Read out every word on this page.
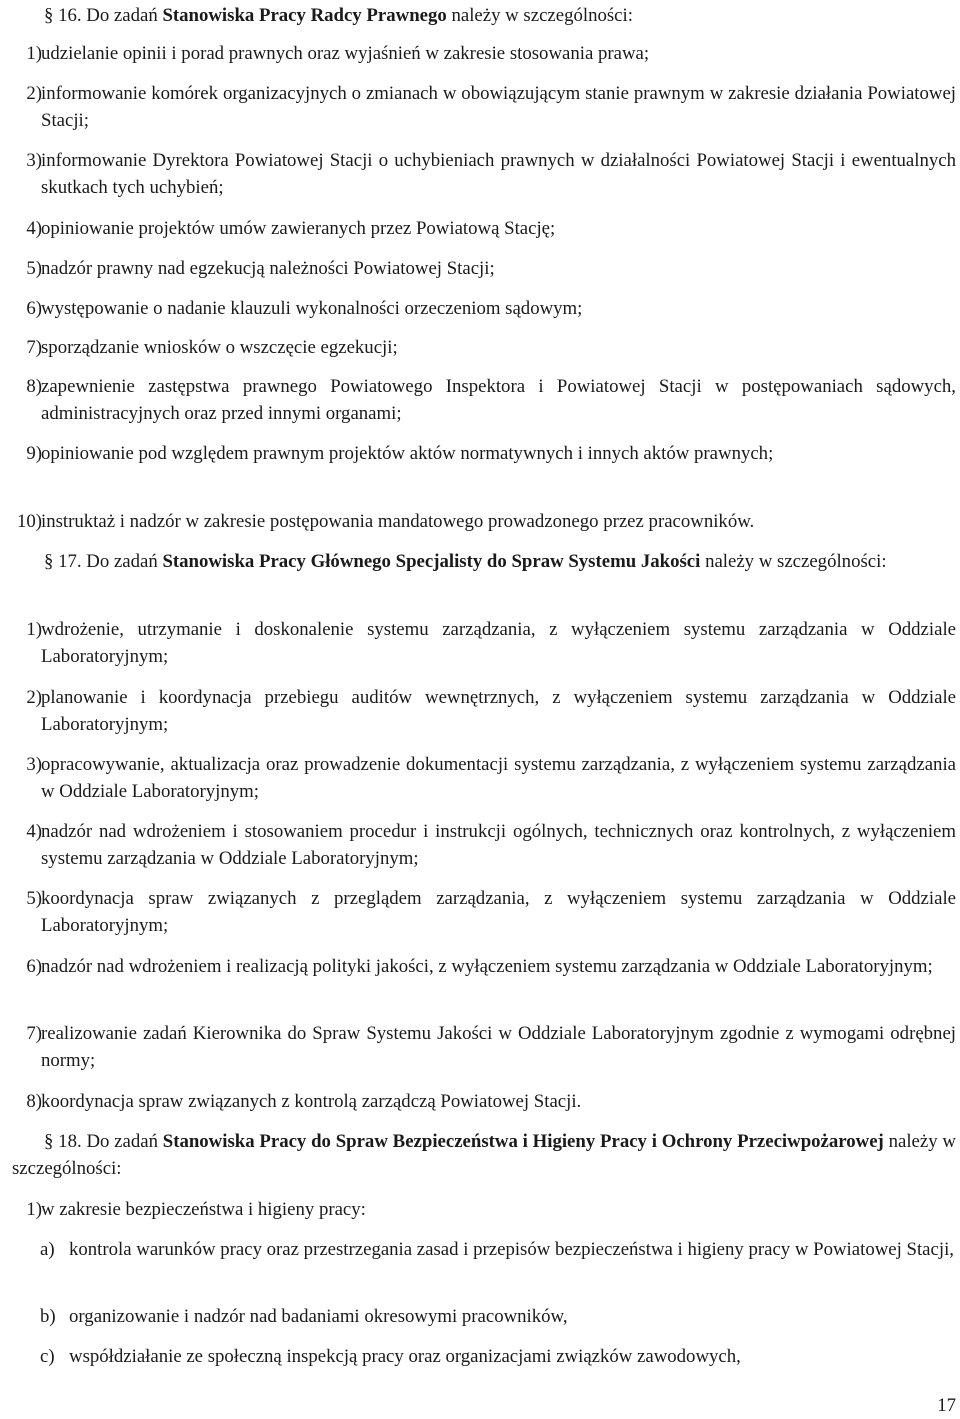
§ 16. Do zadań Stanowiska Pracy Radcy Prawnego należy w szczególności:
1) udzielanie opinii i porad prawnych oraz wyjaśnień w zakresie stosowania prawa;
2) informowanie komórek organizacyjnych o zmianach w obowiązującym stanie prawnym w zakresie działania Powiatowej Stacji;
3) informowanie Dyrektora Powiatowej Stacji o uchybieniach prawnych w działalności Powiatowej Stacji i ewentualnych skutkach tych uchybień;
4) opiniowanie projektów umów zawieranych przez Powiatową Stację;
5) nadzór prawny nad egzekucją należności Powiatowej Stacji;
6) występowanie o nadanie klauzuli wykonalności orzeczeniom sądowym;
7) sporządzanie wniosków o wszczęcie egzekucji;
8) zapewnienie zastępstwa prawnego Powiatowego Inspektora i Powiatowej Stacji w postępowaniach sądowych, administracyjnych oraz przed innymi organami;
9) opiniowanie pod względem prawnym projektów aktów normatywnych i innych aktów prawnych;
10) instruktaż i nadzór w zakresie postępowania mandatowego prowadzonego przez pracowników.
§ 17. Do zadań Stanowiska Pracy Głównego Specjalisty do Spraw Systemu Jakości należy w szczególności:
1) wdrożenie, utrzymanie i doskonalenie systemu zarządzania, z wyłączeniem systemu zarządzania w Oddziale Laboratoryjnym;
2) planowanie i koordynacja przebiegu auditów wewnętrznych, z wyłączeniem systemu zarządzania w Oddziale Laboratoryjnym;
3) opracowywanie, aktualizacja oraz prowadzenie dokumentacji systemu zarządzania, z wyłączeniem systemu zarządzania w Oddziale Laboratoryjnym;
4) nadzór nad wdrożeniem i stosowaniem procedur i instrukcji ogólnych, technicznych oraz kontrolnych, z wyłączeniem systemu zarządzania w Oddziale Laboratoryjnym;
5) koordynacja spraw związanych z przeglądem zarządzania, z wyłączeniem systemu zarządzania w Oddziale Laboratoryjnym;
6) nadzór nad wdrożeniem i realizacją polityki jakości, z wyłączeniem systemu zarządzania w Oddziale Laboratoryjnym;
7) realizowanie zadań Kierownika do Spraw Systemu Jakości w Oddziale Laboratoryjnym zgodnie z wymogami odrębnej normy;
8) koordynacja spraw związanych z kontrolą zarządczą Powiatowej Stacji.
§ 18. Do zadań Stanowiska Pracy do Spraw Bezpieczeństwa i Higieny Pracy i Ochrony Przeciwpożarowej należy w szczególności:
1) w zakresie bezpieczeństwa i higieny pracy:
a) kontrola warunków pracy oraz przestrzegania zasad i przepisów bezpieczeństwa i higieny pracy w Powiatowej Stacji,
b) organizowanie i nadzór nad badaniami okresowymi pracowników,
c) współdziałanie ze społeczną inspekcją pracy oraz organizacjami związków zawodowych,
17
